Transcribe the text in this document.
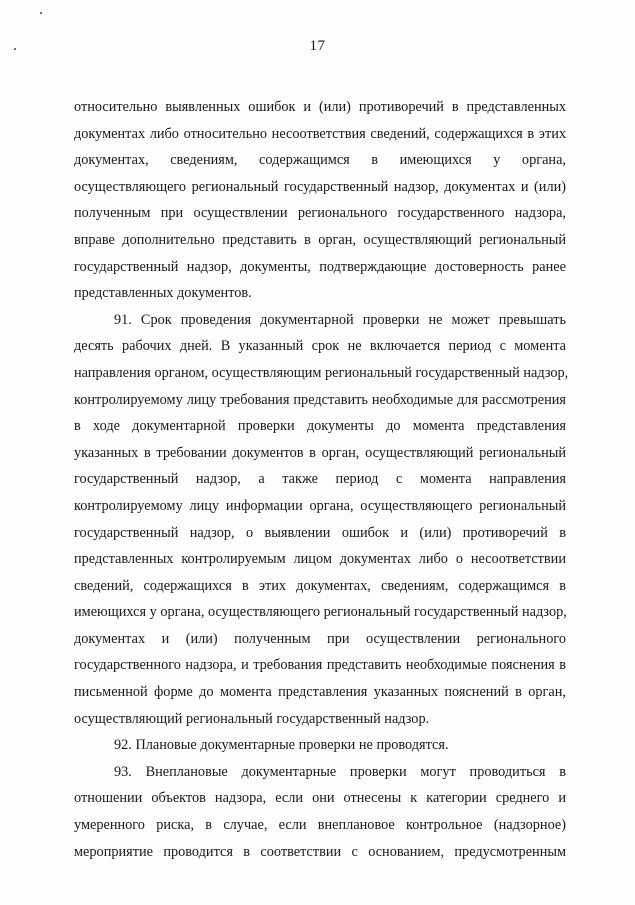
17
относительно выявленных ошибок и (или) противоречий в представленных
документах либо относительно несоответствия сведений, содержащихся в этих
документах, сведениям, содержащимся в имеющихся у органа,
осуществляющего региональный государственный надзор, документах и (или)
полученным при осуществлении регионального государственного надзора,
вправе дополнительно представить в орган, осуществляющий региональный
государственный надзор, документы, подтверждающие достоверность ранее
представленных документов.
91. Срок проведения документарной проверки не может превышать
десять рабочих дней. В указанный срок не включается период с момента
направления органом, осуществляющим региональный государственный надзор,
контролируемому лицу требования представить необходимые для рассмотрения
в ходе документарной проверки документы до момента представления
указанных в требовании документов в орган, осуществляющий региональный
государственный надзор, а также период с момента направления
контролируемому лицу информации органа, осуществляющего региональный
государственный надзор, о выявлении ошибок и (или) противоречий в
представленных контролируемым лицом документах либо о несоответствии
сведений, содержащихся в этих документах, сведениям, содержащимся в
имеющихся у органа, осуществляющего региональный государственный надзор,
документах и (или) полученным при осуществлении регионального
государственного надзора, и требования представить необходимые пояснения в
письменной форме до момента представления указанных пояснений в орган,
осуществляющий региональный государственный надзор.
92. Плановые документарные проверки не проводятся.
93. Внеплановые документарные проверки могут проводиться в
отношении объектов надзора, если они отнесены к категории среднего и
умеренного риска, в случае, если внеплановое контрольное (надзорное)
мероприятие проводится в соответствии с основанием, предусмотренным
